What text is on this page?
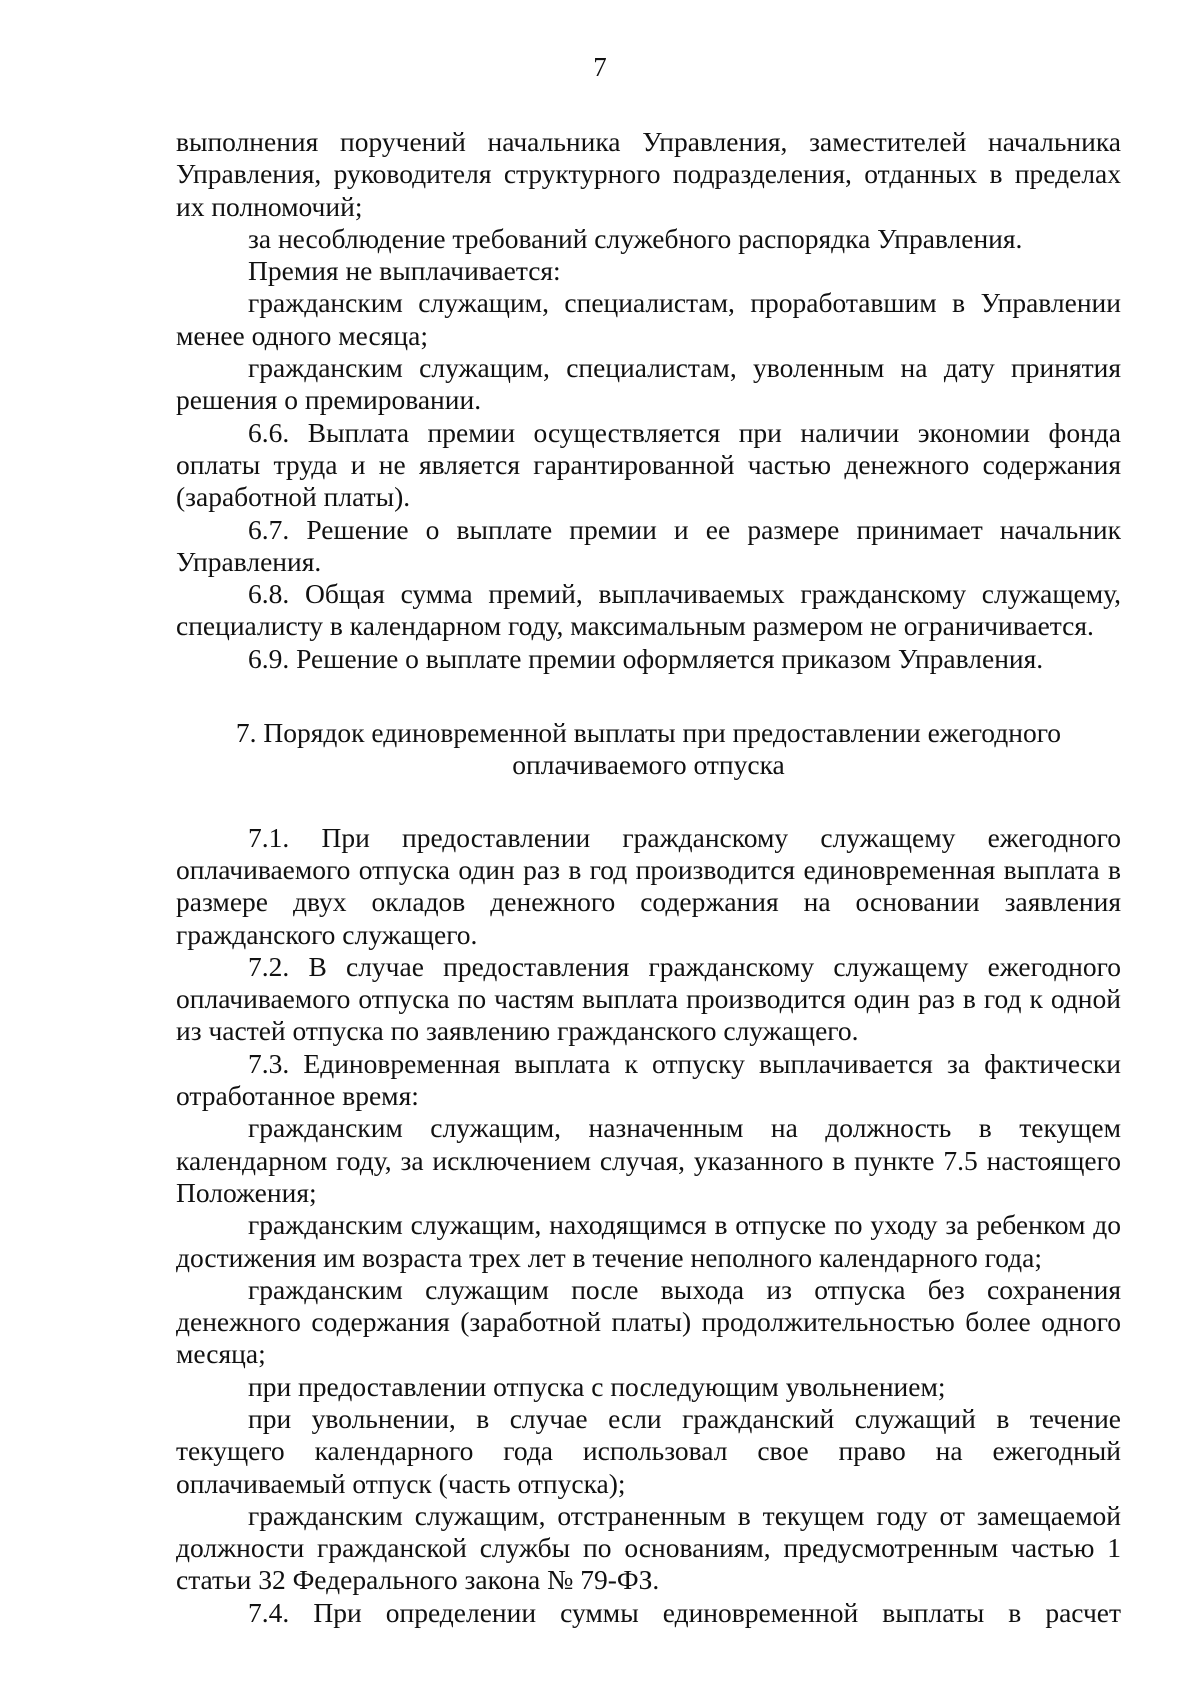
7

выполнения поручений начальника Управления, заместителей начальника Управления, руководителя структурного подразделения, отданных в пределах их полномочий;

за несоблюдение требований служебного распорядка Управления.

Премия не выплачивается:

гражданским служащим, специалистам, проработавшим в Управлении менее одного месяца;

гражданским служащим, специалистам, уволенным на дату принятия решения о премировании.

6.6. Выплата премии осуществляется при наличии экономии фонда оплаты труда и не является гарантированной частью денежного содержания (заработной платы).

6.7. Решение о выплате премии и ее размере принимает начальник Управления.

6.8. Общая сумма премий, выплачиваемых гражданскому служащему, специалисту в календарном году, максимальным размером не ограничивается.

6.9. Решение о выплате премии оформляется приказом Управления.

7. Порядок единовременной выплаты при предоставлении ежегодного
оплачиваемого отпуска

7.1. При предоставлении гражданскому служащему ежегодного оплачиваемого отпуска один раз в год производится единовременная выплата в размере двух окладов денежного содержания на основании заявления гражданского служащего.

7.2. В случае предоставления гражданскому служащему ежегодного оплачиваемого отпуска по частям выплата производится один раз в год к одной из частей отпуска по заявлению гражданского служащего.

7.3. Единовременная выплата к отпуску выплачивается за фактически отработанное время:

гражданским служащим, назначенным на должность в текущем календарном году, за исключением случая, указанного в пункте 7.5 настоящего Положения;

гражданским служащим, находящимся в отпуске по уходу за ребенком до достижения им возраста трех лет в течение неполного календарного года;

гражданским служащим после выхода из отпуска без сохранения денежного содержания (заработной платы) продолжительностью более одного месяца;

при предоставлении отпуска с последующим увольнением;

при увольнении, в случае если гражданский служащий в течение текущего календарного года использовал свое право на ежегодный оплачиваемый отпуск (часть отпуска);

гражданским служащим, отстраненным в текущем году от замещаемой должности гражданской службы по основаниям, предусмотренным частью 1 статьи 32 Федерального закона № 79-ФЗ.

7.4. При определении суммы единовременной выплаты в расчет
